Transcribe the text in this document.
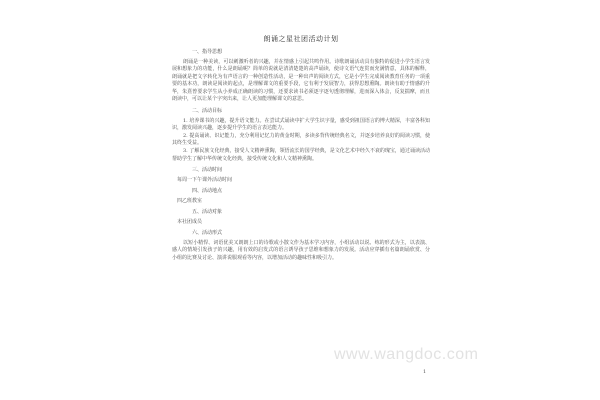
朗诵之星社团活动计划
一、指导思想

朗诵是一种美读，可以刺激听者的兴趣，并在情感上引起共鸣作用。诗歌朗诵活动具有独特的促进小学生语言发展和想象力的功能，什么是朗诵呢？简单的说就是清清楚楚的高声诵读，使诗文语气连贯而充满情意，具体的解释，朗诵就是把文字转化为有声语言的一种创造性活动，是一种出声的阅读方式，它是小学生完成阅读教育任务的一项重要的基本功，朗读是阅读的起点，是理解课文的重要手段，它有利于发展智力，获得思想熏陶。朗读有助于情感的升华，朱熹曾要求学生从小养成正确朗读的习惯，还要求读书必须逐字逐句透彻理解，进而深入体会，反复揣摩，而且朗读中，可以让某个字突出来，让人更加能理解课文的意思。

二、活动目标

1. 培养课书的兴趣，提升语文能力。在尝试式诵读中扩大学生识字量，感受到祖国语言的博大精深，丰富各科知识，激发阅读兴趣，逐步提升学生的语言表达能力。

2. 提高诵读、识记能力，充分利用记忆力的黄金时期，多读多背传统经典名文，并逐步培养良好的阅读习惯，使其终生受益。

3. 了解民族文化经典，接受人文精神熏陶，领悟流长的国学经典，是文化艺术中经久不衰的瑰宝，通过诵读活动帮助学生了解中华传统文化经典，接受传统文化和人文精神熏陶。

三、活动时间
每周一下午课外活动时间
四、活动地点
四乙班教室
五、活动对象
本社团成员
六、活动形式

以短小精悍、词语优美又朗朗上口的诗歌或小散文作为基本学习内容，小组活动以说、练的形式为主，以表演、感人的情境引发孩子的兴趣，用有效的启发式的语言诱导孩子思维和想象力的发展。活动应穿插有名篇朗诵欣赏、分小组的比赛及讨论、演讲说服观看等内容，以增加活动的趣味性和吸引力。

www.wangdoc.com
1
